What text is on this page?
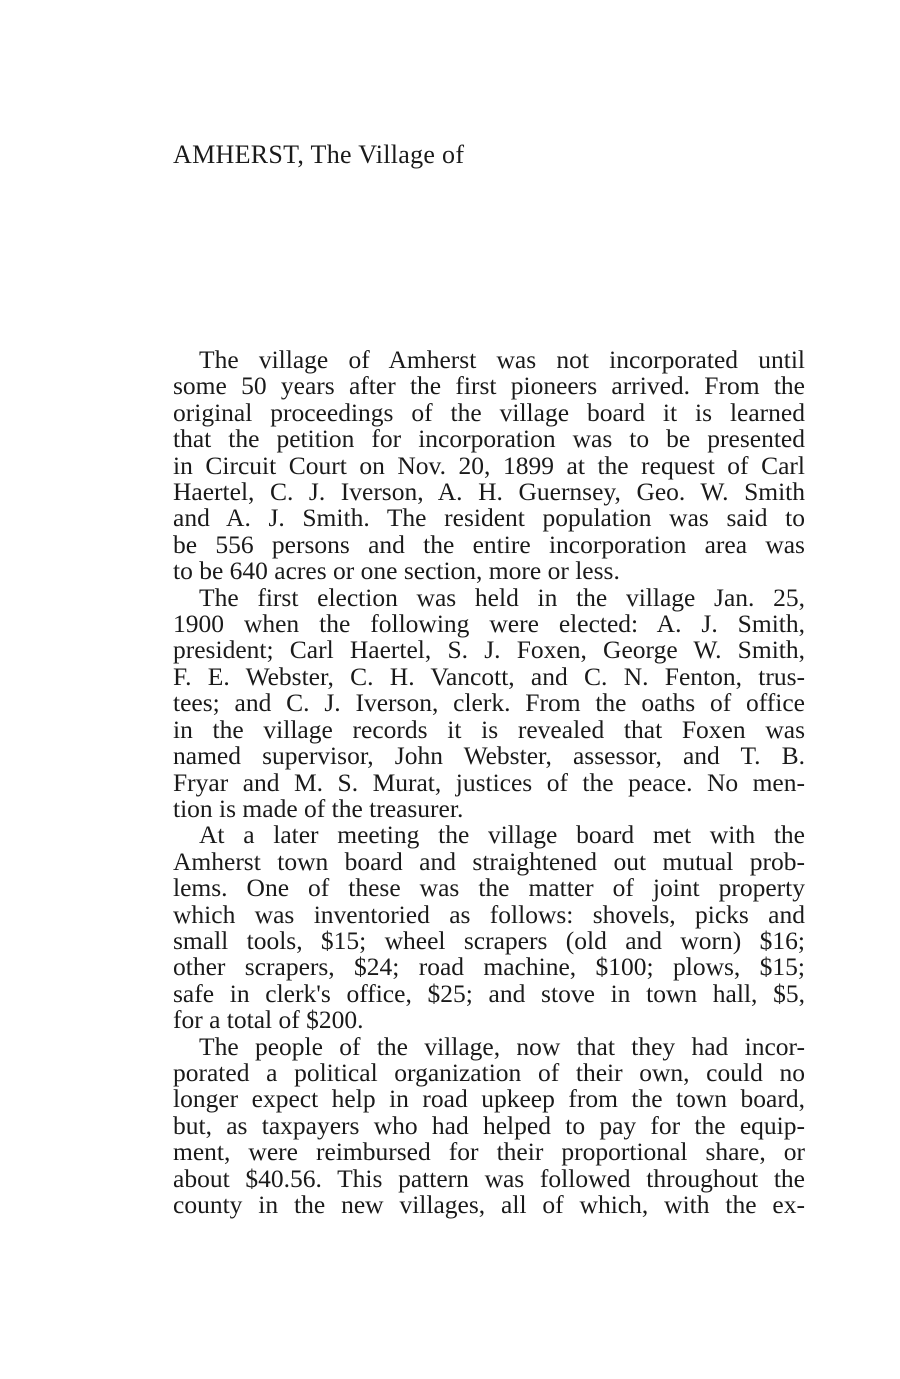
AMHERST, The Village of

The village of Amherst was not incorporated until
some 50 years after the first pioneers arrived. From the
original proceedings of the village board it is learned
that the petition for incorporation was to be presented
in Circuit Court on Nov. 20, 1899 at the request of Carl
Haertel, C. J. Iverson, A. H. Guernsey, Geo. W. Smith
and A. J. Smith. The resident population was said to
be 556 persons and the entire incorporation area was
to be 640 acres or one section, more or less.

The first election was held in the village Jan. 25,
1900 when the following were elected: A. J. Smith,
president; Carl Haertel, S. J. Foxen, George W. Smith,
F. E. Webster, C. H. Vancott, and C. N. Fenton, trus-
tees; and C. J. Iverson, clerk. From the oaths of office
in the village records it is revealed that Foxen was
named supervisor, John Webster, assessor, and T. B.
Fryar and M. S. Murat, justices of the peace. No men-
tion is made of the treasurer.

At a later meeting the village board met with the
Amherst town board and straightened out mutual prob-
lems. One of these was the matter of joint property
which was inventoried as follows: shovels, picks and
small tools, $15; wheel scrapers (old and worn) $16;
other scrapers, $24; road machine, $100; plows, $15;
safe in clerk's office, $25; and stove in town hall, $5,
for a total of $200.

The people of the village, now that they had incor-
porated a political organization of their own, could no
longer expect help in road upkeep from the town board,
but, as taxpayers who had helped to pay for the equip-
ment, were reimbursed for their proportional share, or
about $40.56. This pattern was followed throughout the
county in the new villages, all of which, with the ex-
